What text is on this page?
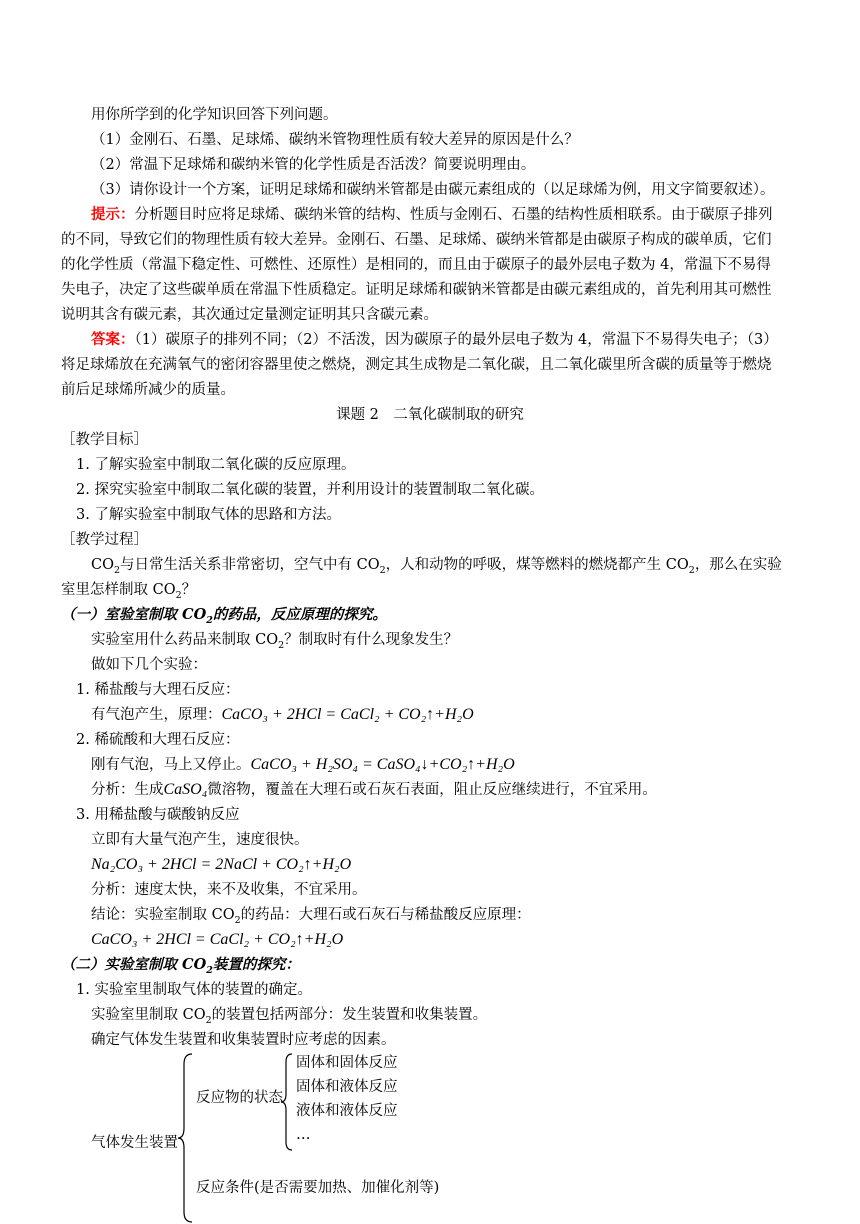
用你所学到的化学知识回答下列问题。
（1）金刚石、石墨、足球烯、碳纳米管物理性质有较大差异的原因是什么？
（2）常温下足球烯和碳纳米管的化学性质是否活泼？简要说明理由。
（3）请你设计一个方案，证明足球烯和碳纳米管都是由碳元素组成的（以足球烯为例，用文字简要叙述）。
提示：分析题目时应将足球烯、碳纳米管的结构、性质与金刚石、石墨的结构性质相联系。由于碳原子排列
的不同，导致它们的物理性质有较大差异。金刚石、石墨、足球烯、碳纳米管都是由碳原子构成的碳单质，它们
的化学性质（常温下稳定性、可燃性、还原性）是相同的，而且由于碳原子的最外层电子数为 4，常温下不易得
失电子，决定了这些碳单质在常温下性质稳定。证明足球烯和碳钠米管都是由碳元素组成的，首先利用其可燃性
说明其含有碳元素，其次通过定量测定证明其只含碳元素。
答案：（1）碳原子的排列不同；（2）不活泼，因为碳原子的最外层电子数为 4，常温下不易得失电子；（3）
将足球烯放在充满氧气的密闭容器里使之燃烧，测定其生成物是二氧化碳，且二氧化碳里所含碳的质量等于燃烧
前后足球烯所减少的质量。
课题 2　二氧化碳制取的研究
［教学目标］
1. 了解实验室中制取二氧化碳的反应原理。
2. 探究实验室中制取二氧化碳的装置，并利用设计的装置制取二氧化碳。
3. 了解实验室中制取气体的思路和方法。
［教学过程］
$CO_2$与日常生活关系非常密切，空气中有 $CO_2$，人和动物的呼吸，煤等燃料的燃烧都产生 $CO_2$，那么在实验
室里怎样制取 $CO_2$？
（一）室验室制取 $CO_2$的药品，反应原理的探究。
实验室用什么药品来制取 $CO_2$？制取时有什么现象发生？
做如下几个实验：
1. 稀盐酸与大理石反应：
有气泡产生，原理：CaCO₃ + 2HCl = CaCl₂ + CO₂↑+H₂O
2. 稀硫酸和大理石反应：
刚有气泡，马上又停止。CaCO₃ + H₂SO₄ = CaSO₄↓+CO₂↑+H₂O
分析：生成CaSO₄微溶物，覆盖在大理石或石灰石表面，阻止反应继续进行，不宜采用。
3. 用稀盐酸与碳酸钠反应
立即有大量气泡产生，速度很快。
Na₂CO₃ + 2HCl = 2NaCl + CO₂↑+H₂O
分析：速度太快，来不及收集，不宜采用。
结论：实验室制取 $CO_2$的药品：大理石或石灰石与稀盐酸反应原理：
CaCO₃ + 2HCl = CaCl₂ + CO₂↑+H₂O
（二）实验室制取 $CO_2$装置的探究：
1. 实验室里制取气体的装置的确定。
实验室里制取 $CO_2$的装置包括两部分：发生装置和收集装置。
确定气体发生装置和收集装置时应考虑的因素。
气体发生装置
反应物的状态
固体和固体反应
固体和液体反应
液体和液体反应
…
反应条件(是否需要加热、加催化剂等)
